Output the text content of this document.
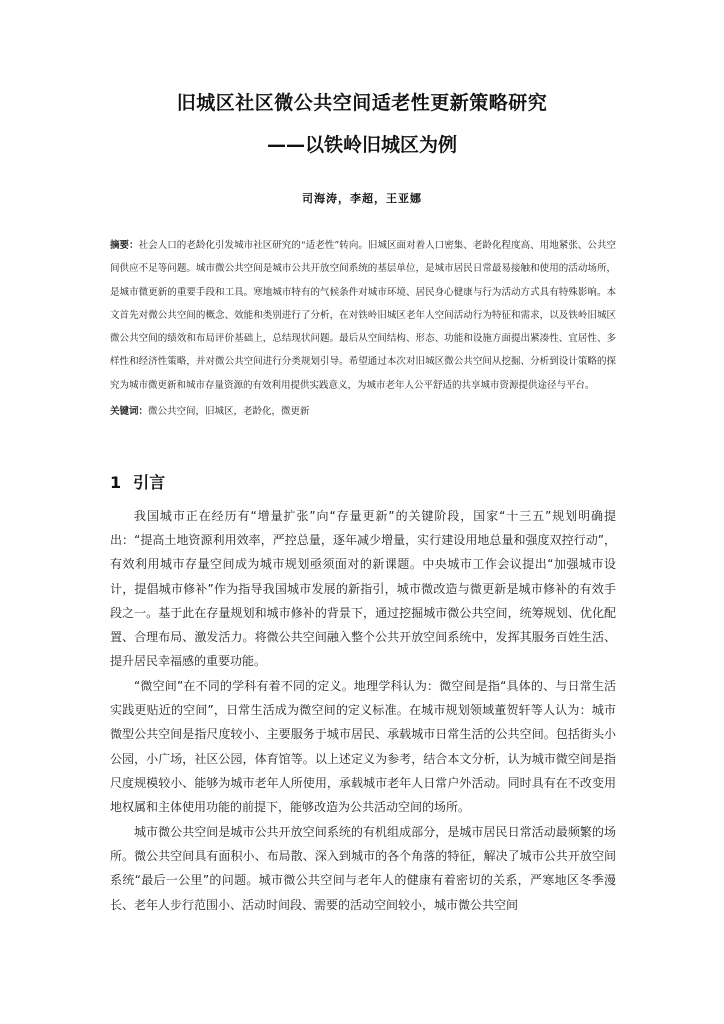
旧城区社区微公共空间适老性更新策略研究
——以铁岭旧城区为例
司海涛，李超，王亚娜

摘要：社会人口的老龄化引发城市社区研究的“适老性”转向。旧城区面对着人口密集、老龄化程度高、用地紧张、公共空间供应不足等问题。城市微公共空间是城市公共开放空间系统的基层单位，是城市居民日常最易接触和使用的活动场所，是城市微更新的重要手段和工具。寒地城市特有的气候条件对城市环境、居民身心健康与行为活动方式具有特殊影响。本文首先对微公共空间的概念、效能和类别进行了分析，在对铁岭旧城区老年人空间活动行为特征和需求，以及铁岭旧城区微公共空间的绩效和布局评价基础上，总结现状问题。最后从空间结构、形态、功能和设施方面提出紧凑性、宜居性、多样性和经济性策略，并对微公共空间进行分类规划引导。希望通过本次对旧城区微公共空间从挖掘、分析到设计策略的探究为城市微更新和城市存量资源的有效利用提供实践意义，为城市老年人公平舒适的共享城市资源提供途径与平台。

关键词：微公共空间，旧城区，老龄化，微更新

1 引言

我国城市正在经历有“增量扩张”向“存量更新”的关键阶段，国家“十三五”规划明确提出：“提高土地资源利用效率，严控总量，逐年减少增量，实行建设用地总量和强度双控行动”，有效利用城市存量空间成为城市规划亟须面对的新课题。中央城市工作会议提出“加强城市设计，提倡城市修补”作为指导我国城市发展的新指引，城市微改造与微更新是城市修补的有效手段之一。基于此在存量规划和城市修补的背景下，通过挖掘城市微公共空间，统筹规划、优化配置、合理布局、激发活力。将微公共空间融入整个公共开放空间系统中，发挥其服务百姓生活、提升居民幸福感的重要功能。

“微空间”在不同的学科有着不同的定义。地理学科认为：微空间是指“具体的、与日常生活实践更贴近的空间”，日常生活成为微空间的定义标准。在城市规划领域董贺轩等人认为：城市微型公共空间是指尺度较小、主要服务于城市居民、承载城市日常生活的公共空间。包括街头小公园，小广场，社区公园，体育馆等。以上述定义为参考，结合本文分析，认为城市微空间是指尺度规模较小、能够为城市老年人所使用，承载城市老年人日常户外活动。同时具有在不改变用地权属和主体使用功能的前提下，能够改造为公共活动空间的场所。

城市微公共空间是城市公共开放空间系统的有机组成部分，是城市居民日常活动最频繁的场所。微公共空间具有面积小、布局散、深入到城市的各个角落的特征，解决了城市公共开放空间系统“最后一公里”的问题。城市微公共空间与老年人的健康有着密切的关系，严寒地区冬季漫长、老年人步行范围小、活动时间段、需要的活动空间较小，城市微公共空间
